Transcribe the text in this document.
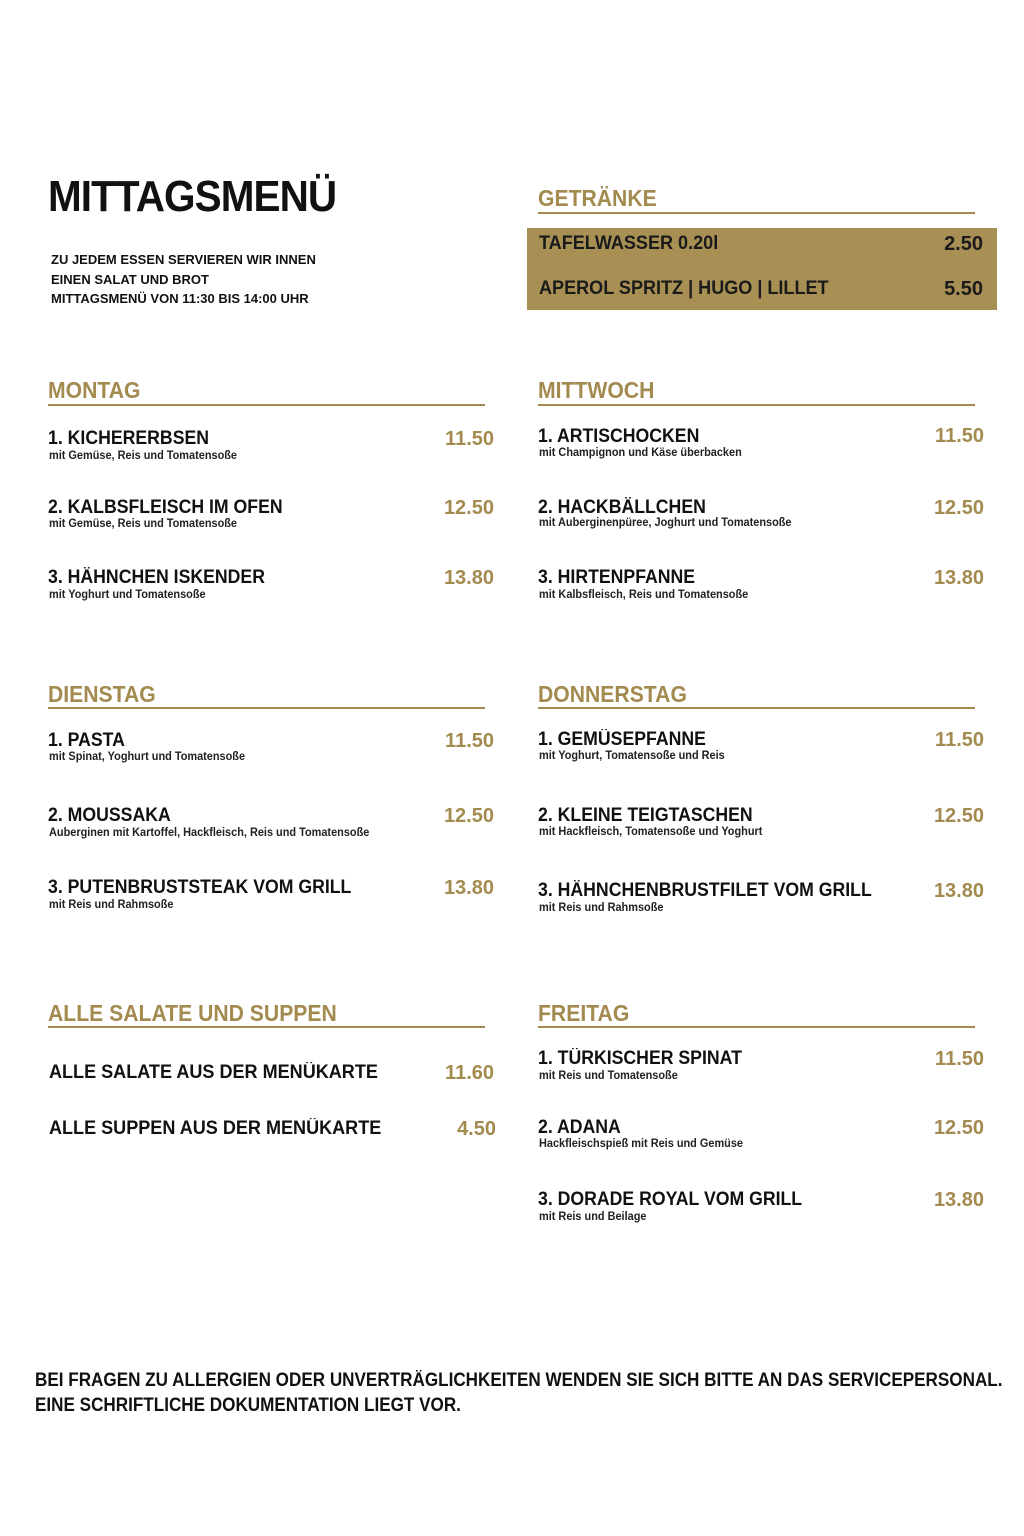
MITTAGSMENÜ
ZU JEDEM ESSEN SERVIEREN WIR INNEN
EINEN SALAT UND BROT
MITTAGSMENÜ VON 11:30 BIS 14:00 UHR
GETRÄNKE
TAFELWASSER 0.20l	2.50
APEROL SPRITZ | HUGO | LILLET	5.50
MONTAG
1. KICHERERBSEN
mit Gemüse, Reis und Tomatensoße
11.50
2. KALBSFLEISCH IM OFEN
mit Gemüse, Reis und Tomatensoße
12.50
3. HÄHNCHEN ISKENDER
mit Yoghurt und Tomatensoße
13.80
MITTWOCH
1. ARTISCHOCKEN
mit Champignon und Käse überbacken
11.50
2. HACKBÄLLCHEN
mit Auberginenpüree, Joghurt und Tomatensoße
12.50
3. HIRTENPFANNE
mit Kalbsfleisch, Reis und Tomatensoße
13.80
DIENSTAG
1. PASTA
mit Spinat, Yoghurt und Tomatensoße
11.50
2. MOUSSAKA
Auberginen mit Kartoffel, Hackfleisch, Reis und Tomatensoße
12.50
3. PUTENBRUSTSTEAK VOM GRILL
mit Reis und Rahmsoße
13.80
DONNERSTAG
1. GEMÜSEPFANNE
mit Yoghurt, Tomatensoße und Reis
11.50
2. KLEINE TEIGTASCHEN
mit Hackfleisch, Tomatensoße und Yoghurt
12.50
3. HÄHNCHENBRUSTFILET VOM GRILL
mit Reis und Rahmsoße
13.80
ALLE SALATE UND SUPPEN
ALLE SALATE AUS DER MENÜKARTE	11.60
ALLE SUPPEN AUS DER MENÜKARTE	4.50
FREITAG
1. TÜRKISCHER SPINAT
mit Reis und Tomatensoße
11.50
2. ADANA
Hackfleischspieß mit Reis und Gemüse
12.50
3. DORADE ROYAL VOM GRILL
mit Reis und Beilage
13.80
BEI FRAGEN ZU ALLERGIEN ODER UNVERTRÄGLICHKEITEN WENDEN SIE SICH BITTE AN DAS SERVICEPERSONAL.
EINE SCHRIFTLICHE DOKUMENTATION LIEGT VOR.
